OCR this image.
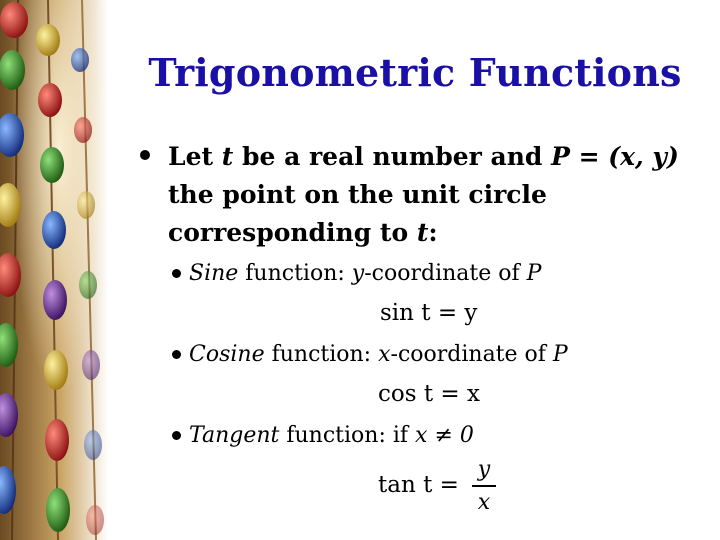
Trigonometric Functions
Let t be a real number and P = (x, y) the point on the unit circle corresponding to t:
Sine function: y-coordinate of P
sin t = y
Cosine function: x-coordinate of P
cos t = x
Tangent function: if x ≠ 0
tan t =
y
x
